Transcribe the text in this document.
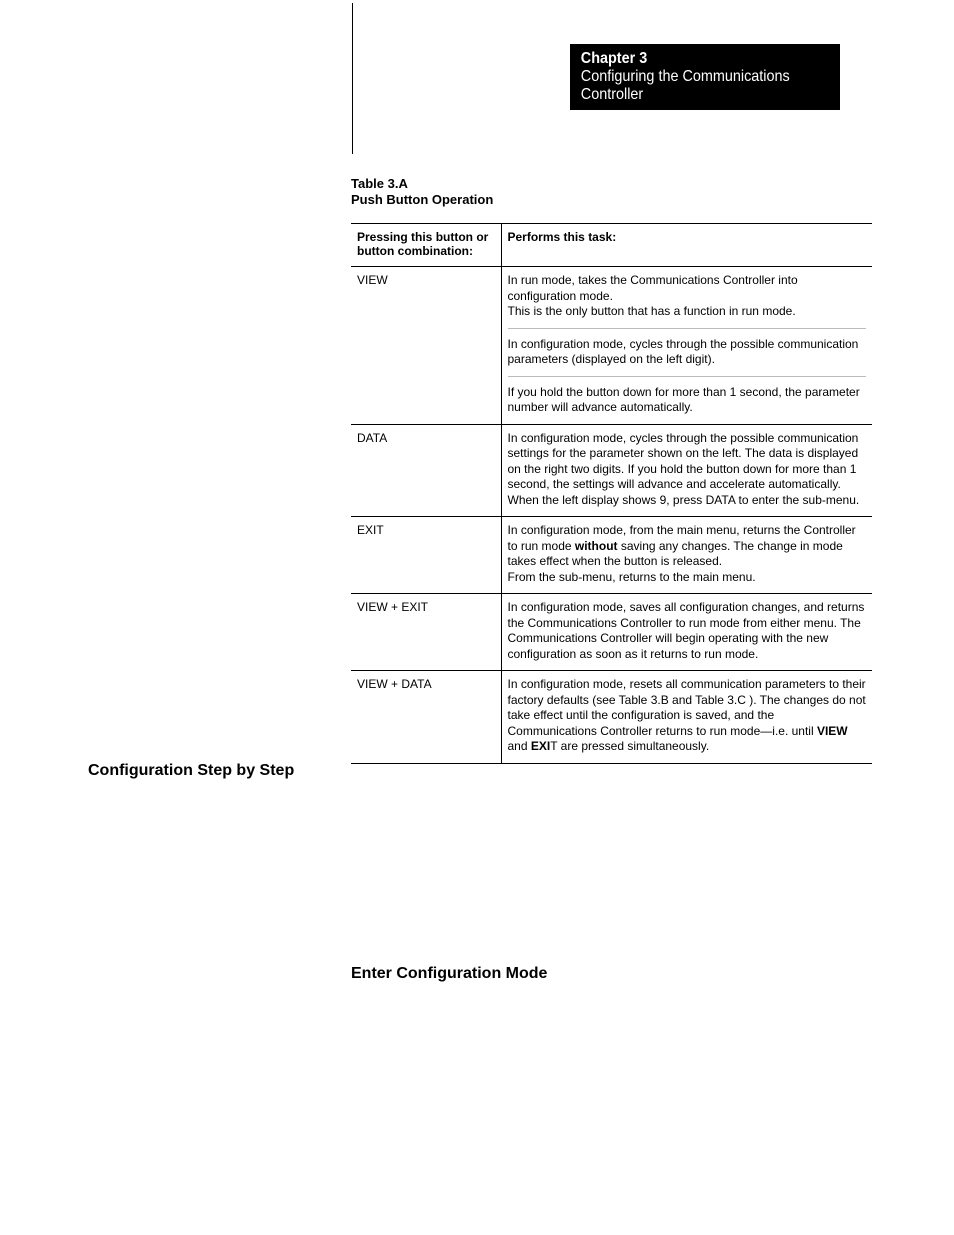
Chapter 3
Configuring the Communications
Controller
Table 3.A
Push Button Operation
Pressing this button or button combination:	Performs this task:
VIEW	In run mode, takes the Communications Controller into configuration mode.
This is the only button that has a function in run mode.
In configuration mode, cycles through the possible communication parameters (displayed on the left digit).
If you hold the button down for more than 1 second, the parameter number will advance automatically.

DATA	In configuration mode, cycles through the possible communication settings for the parameter shown on the left. The data is displayed on the right two digits. If you hold the button down for more than 1 second, the settings will advance and accelerate automatically.
When the left display shows 9, press DATA to enter the sub-menu.

EXIT	In configuration mode, from the main menu, returns the Controller to run mode without saving any changes. The change in mode takes effect when the button is released.
From the sub-menu, returns to the main menu.

VIEW + EXIT	In configuration mode, saves all configuration changes, and returns the Communications Controller to run mode from either menu. The Communications Controller will begin operating with the new configuration as soon as it returns to run mode.
VIEW + DATA	In configuration mode, resets all communication parameters to their factory defaults (see Table 3.B and Table 3.C ). The changes do not take effect until the configuration is saved, and the Communications Controller returns to run mode—i.e. until VIEW and EXIT are pressed simultaneously.
Configuration Step by Step
Enter Configuration Mode
